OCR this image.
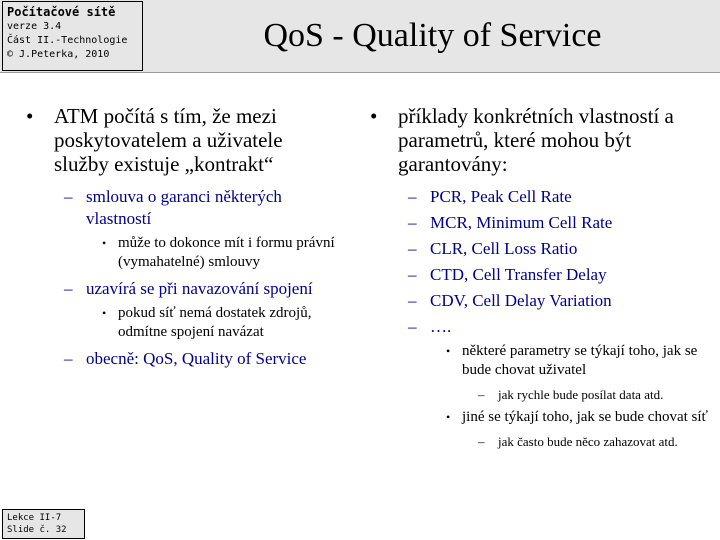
Počítačové sítě
verze 3.4
Část II.-Technologie
© J.Peterka, 2010
QoS - Quality of Service
• ATM počítá s tím, že mezi poskytovatelem a uživatele služby existuje „kontrakt“
– smlouva o garanci některých vlastností
• může to dokonce mít i formu právní (vymahatelné) smlouvy
– uzavírá se při navazování spojení
• pokud síť nemá dostatek zdrojů, odmítne spojení navázat
– obecně: QoS, Quality of Service
• příklady konkrétních vlastností a parametrů, které mohou být garantovány:
– PCR, Peak Cell Rate
– MCR, Minimum Cell Rate
– CLR, Cell Loss Ratio
– CTD, Cell Transfer Delay
– CDV, Cell Delay Variation
– ….
• některé parametry se týkají toho, jak se bude chovat uživatel
– jak rychle bude posílat data atd.
• jiné se týkají toho, jak se bude chovat síť
– jak často bude něco zahazovat atd.
Lekce II-7
Slide č. 32
